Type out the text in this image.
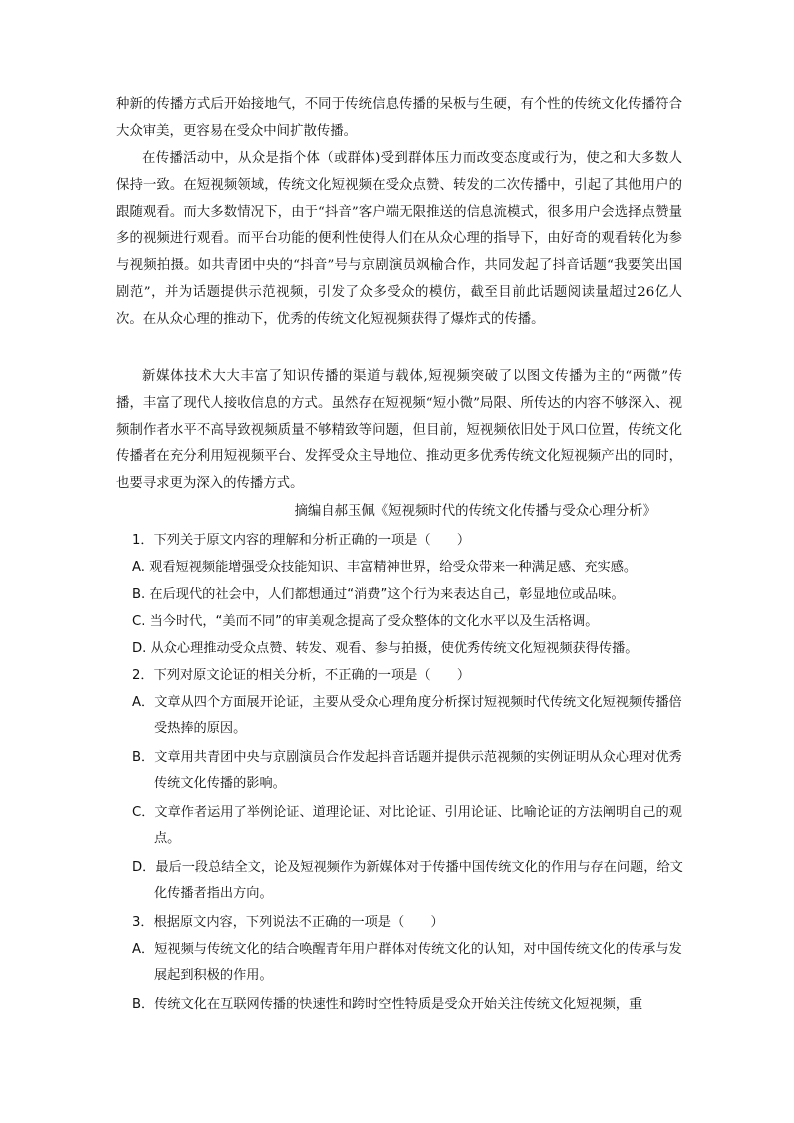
种新的传播方式后开始接地气，不同于传统信息传播的呆板与生硬，有个性的传统文化传播符合大众审美，更容易在受众中间扩散传播。

在传播活动中，从众是指个体（或群体)受到群体压力而改变态度或行为，使之和大多数人保持一致。在短视频领域，传统文化短视频在受众点赞、转发的二次传播中，引起了其他用户的跟随观看。而大多数情况下，由于“抖音”客户端无限推送的信息流模式，很多用户会选择点赞量多的视频进行观看。而平台功能的便利性使得人们在从众心理的指导下，由好奇的观看转化为参与视频拍摄。如共青团中央的“抖音”号与京剧演员飒榆合作，共同发起了抖音话题“我要笑出国剧范”，并为话题提供示范视频，引发了众多受众的模仿，截至目前此话题阅读量超过26亿人次。在从众心理的推动下，优秀的传统文化短视频获得了爆炸式的传播。

新媒体技术大大丰富了知识传播的渠道与载体,短视频突破了以图文传播为主的“两微”传播，丰富了现代人接收信息的方式。虽然存在短视频“短小微”局限、所传达的内容不够深入、视频制作者水平不高导致视频质量不够精致等问题，但目前，短视频依旧处于风口位置，传统文化传播者在充分利用短视频平台、发挥受众主导地位、推动更多优秀传统文化短视频产出的同时，也要寻求更为深入的传播方式。

摘编自郝玉佩《短视频时代的传统文化传播与受众心理分析》
1．下列关于原文内容的理解和分析正确的一项是（　　）
A. 观看短视频能增强受众技能知识、丰富精神世界，给受众带来一种满足感、充实感。
B. 在后现代的社会中，人们都想通过“消费”这个行为来表达自己，彰显地位或品味。
C. 当今时代，“美而不同”的审美观念提高了受众整体的文化水平以及生活格调。
D. 从众心理推动受众点赞、转发、观看、参与拍摄，使优秀传统文化短视频获得传播。
2．下列对原文论证的相关分析，不正确的一项是（　　）
A．文章从四个方面展开论证，主要从受众心理角度分析探讨短视频时代传统文化短视频传播倍受热捧的原因。
B．文章用共青团中央与京剧演员合作发起抖音话题并提供示范视频的实例证明从众心理对优秀传统文化传播的影响。
C．文章作者运用了举例论证、道理论证、对比论证、引用论证、比喻论证的方法阐明自己的观点。
D．最后一段总结全文，论及短视频作为新媒体对于传播中国传统文化的作用与存在问题，给文化传播者指出方向。
3．根据原文内容，下列说法不正确的一项是（　　）
A．短视频与传统文化的结合唤醒青年用户群体对传统文化的认知，对中国传统文化的传承与发展起到积极的作用。
B．传统文化在互联网传播的快速性和跨时空性特质是受众开始关注传统文化短视频，重
